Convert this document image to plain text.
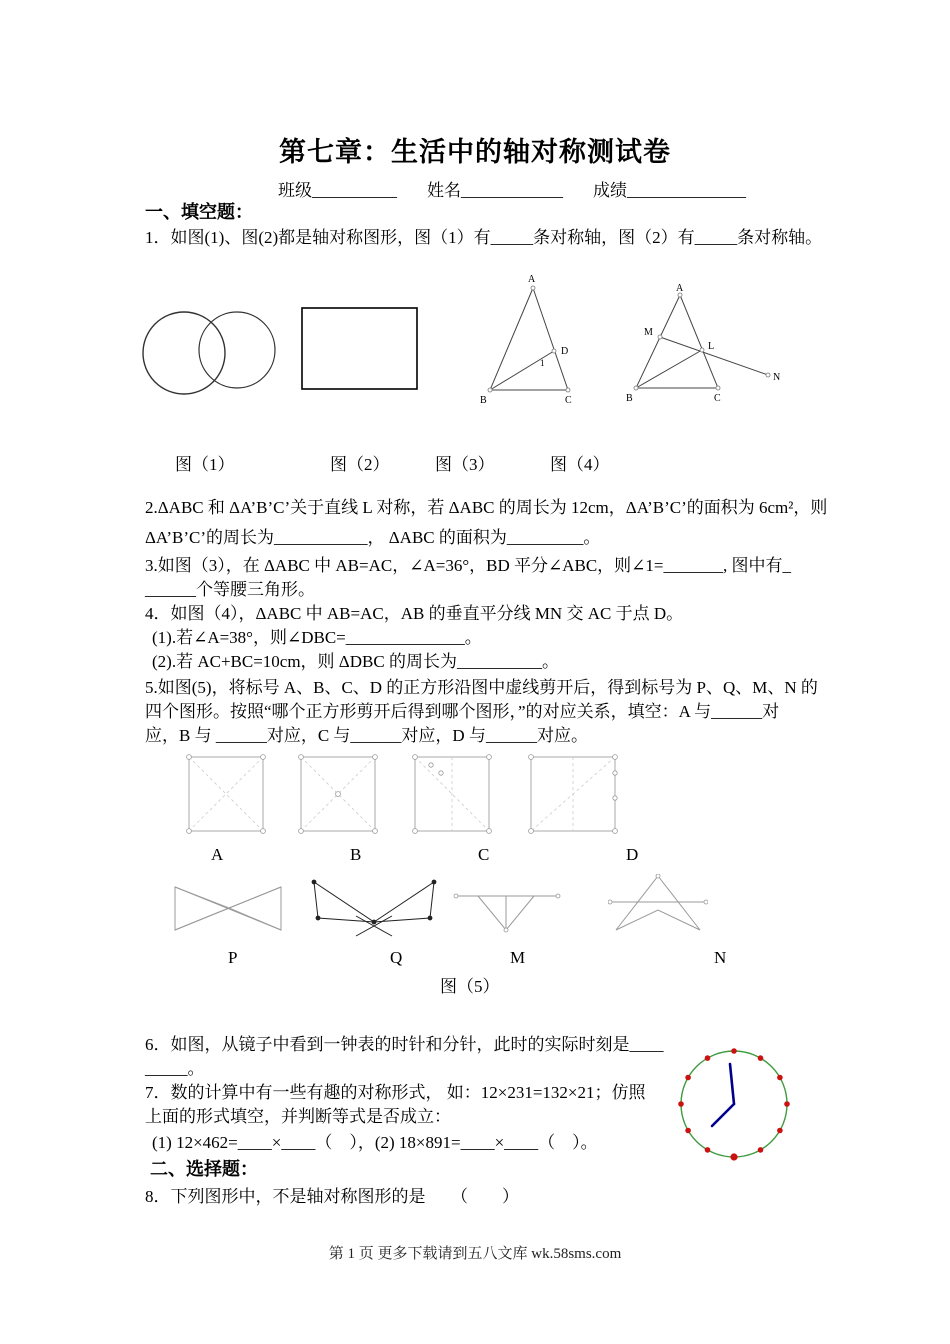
第七章：生活中的轴对称测试卷
班级__________ 姓名____________ 成绩______________
一、填空题：
1．如图(1)、图(2)都是轴对称图形，图（1）有_____条对称轴，图（2）有_____条对称轴。
A
D
1
B	C
A
M
L
B	C
N
图（1）	图（2）	图（3）	图（4）
2.ΔABC 和 ΔA’B’C’关于直线 L 对称，若 ΔABC 的周长为 12cm，ΔA’B’C’的面积为 6cm²，则
ΔA’B’C’的周长为___________， ΔABC 的面积为_________。
3.如图（3），在 ΔABC 中 AB=AC，∠A=36°，BD 平分∠ABC，则∠1=_______, 图中有_
______个等腰三角形。
4．如图（4），ΔABC 中 AB=AC，AB 的垂直平分线 MN 交 AC 于点 D。
(1).若∠A=38°，则∠DBC=______________。
(2).若 AC+BC=10cm，则 ΔDBC 的周长为__________。
5.如图(5)，将标号 A、B、C、D 的正方形沿图中虚线剪开后，得到标号为 P、Q、M、N 的
四个图形。按照“哪个正方形剪开后得到哪个图形，”的对应关系，填空：A 与______对
应，B 与 ______对应，C 与______对应，D 与______对应。
A	B	C	D
P	Q	M	N
图（5）
6．如图，从镜子中看到一钟表的时针和分针，此时的实际时刻是____
_____。
7．数的计算中有一些有趣的对称形式， 如：12×231=132×21；仿照
上面的形式填空，并判断等式是否成立：
(1) 12×462=____×____（　），(2) 18×891=____×____（　）。
二、选择题：
8．下列图形中，不是轴对称图形的是　　（　　）
第 1 页 更多下载请到五八文库 wk.58sms.com
